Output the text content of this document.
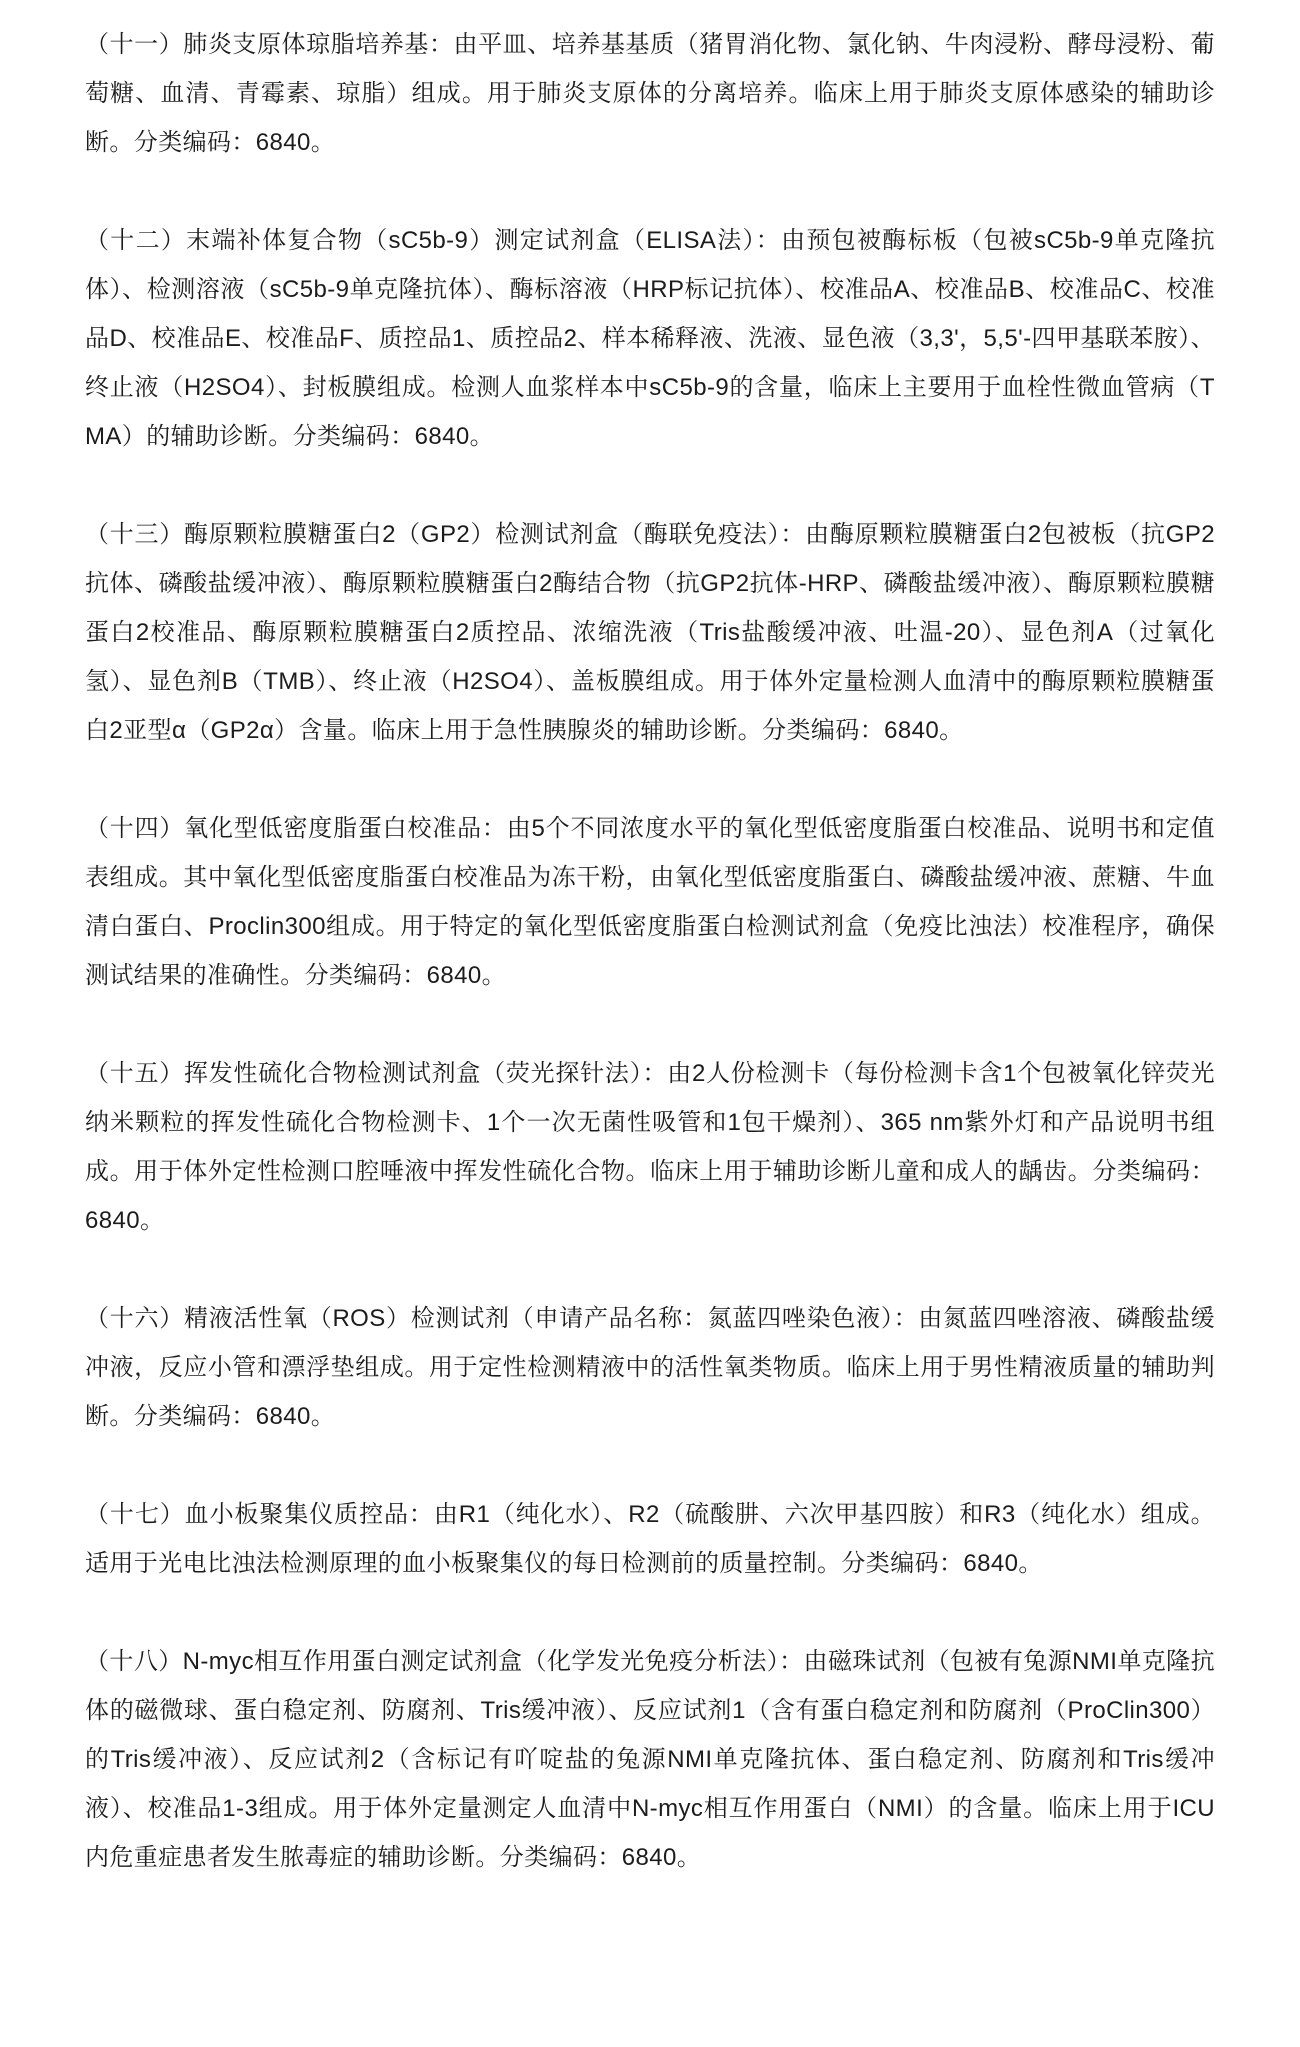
（十一）肺炎支原体琼脂培养基：由平皿、培养基基质（猪胃消化物、氯化钠、牛肉浸粉、酵母浸粉、葡萄糖、血清、青霉素、琼脂）组成。用于肺炎支原体的分离培养。临床上用于肺炎支原体感染的辅助诊断。分类编码：6840。

（十二）末端补体复合物（sC5b-9）测定试剂盒（ELISA法）：由预包被酶标板（包被sC5b-9单克隆抗体）、检测溶液（sC5b-9单克隆抗体）、酶标溶液（HRP标记抗体）、校准品A、校准品B、校准品C、校准品D、校准品E、校准品F、质控品1、质控品2、样本稀释液、洗液、显色液（3,3'，5,5'-四甲基联苯胺）、终止液（H2SO4）、封板膜组成。检测人血浆样本中sC5b-9的含量，临床上主要用于血栓性微血管病（TMA）的辅助诊断。分类编码：6840。

（十三）酶原颗粒膜糖蛋白2（GP2）检测试剂盒（酶联免疫法）：由酶原颗粒膜糖蛋白2包被板（抗GP2抗体、磷酸盐缓冲液）、酶原颗粒膜糖蛋白2酶结合物（抗GP2抗体-HRP、磷酸盐缓冲液）、酶原颗粒膜糖蛋白2校准品、酶原颗粒膜糖蛋白2质控品、浓缩洗液（Tris盐酸缓冲液、吐温-20）、显色剂A（过氧化氢）、显色剂B（TMB）、终止液（H2SO4）、盖板膜组成。用于体外定量检测人血清中的酶原颗粒膜糖蛋白2亚型α（GP2α）含量。临床上用于急性胰腺炎的辅助诊断。分类编码：6840。

（十四）氧化型低密度脂蛋白校准品：由5个不同浓度水平的氧化型低密度脂蛋白校准品、说明书和定值表组成。其中氧化型低密度脂蛋白校准品为冻干粉，由氧化型低密度脂蛋白、磷酸盐缓冲液、蔗糖、牛血清白蛋白、Proclin300组成。用于特定的氧化型低密度脂蛋白检测试剂盒（免疫比浊法）校准程序，确保测试结果的准确性。分类编码：6840。

（十五）挥发性硫化合物检测试剂盒（荧光探针法）：由2人份检测卡（每份检测卡含1个包被氧化锌荧光纳米颗粒的挥发性硫化合物检测卡、1个一次无菌性吸管和1包干燥剂）、365 nm紫外灯和产品说明书组成。用于体外定性检测口腔唾液中挥发性硫化合物。临床上用于辅助诊断儿童和成人的龋齿。分类编码：6840。

（十六）精液活性氧（ROS）检测试剂（申请产品名称：氮蓝四唑染色液）：由氮蓝四唑溶液、磷酸盐缓冲液，反应小管和漂浮垫组成。用于定性检测精液中的活性氧类物质。临床上用于男性精液质量的辅助判断。分类编码：6840。

（十七）血小板聚集仪质控品：由R1（纯化水）、R2（硫酸肼、六次甲基四胺）和R3（纯化水）组成。适用于光电比浊法检测原理的血小板聚集仪的每日检测前的质量控制。分类编码：6840。

（十八）N-myc相互作用蛋白测定试剂盒（化学发光免疫分析法）：由磁珠试剂（包被有兔源NMI单克隆抗体的磁微球、蛋白稳定剂、防腐剂、Tris缓冲液）、反应试剂1（含有蛋白稳定剂和防腐剂（ProClin300）的Tris缓冲液）、反应试剂2（含标记有吖啶盐的兔源NMI单克隆抗体、蛋白稳定剂、防腐剂和Tris缓冲液）、校准品1-3组成。用于体外定量测定人血清中N-myc相互作用蛋白（NMI）的含量。临床上用于ICU内危重症患者发生脓毒症的辅助诊断。分类编码：6840。
